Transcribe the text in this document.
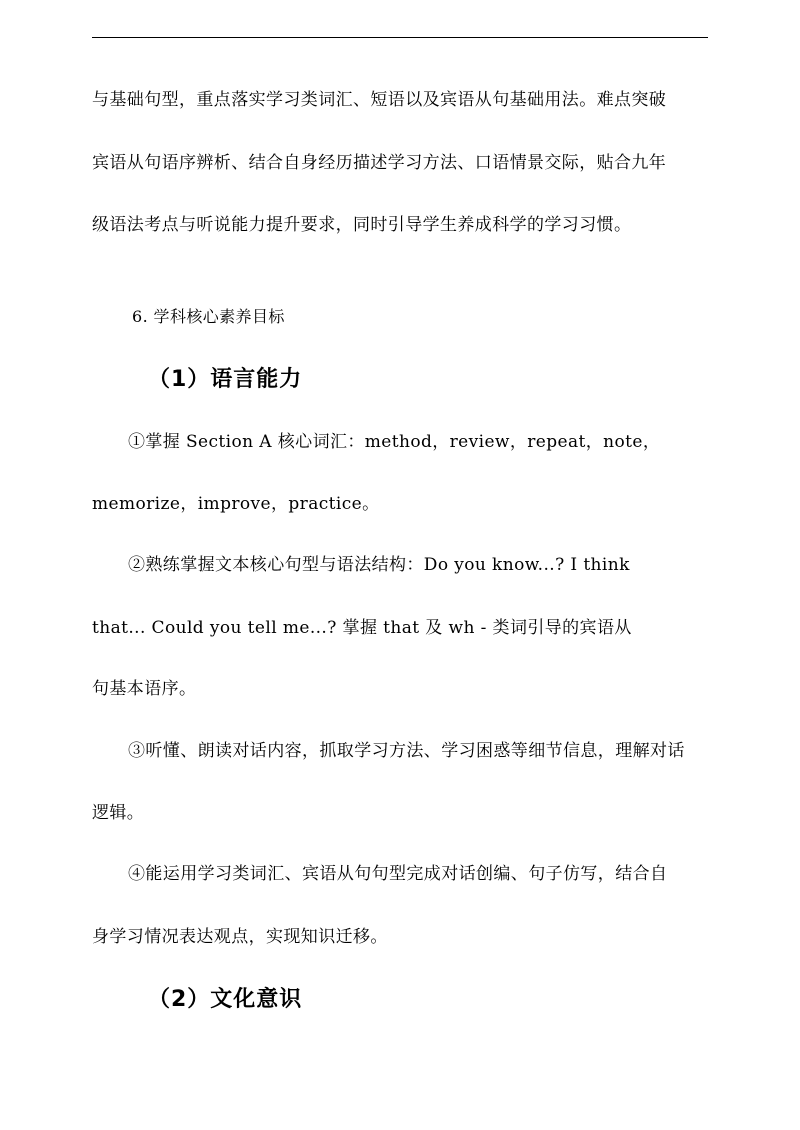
与基础句型，重点落实学习类词汇、短语以及宾语从句基础用法。难点突破
宾语从句语序辨析、结合自身经历描述学习方法、口语情景交际，贴合九年
级语法考点与听说能力提升要求，同时引导学生养成科学的学习习惯。
6. 学科核心素养目标
（1）语言能力
①掌握 Section A 核心词汇：method，review，repeat，note，
memorize，improve，practice。
②熟练掌握文本核心句型与语法结构：Do you know...? I think
that... Could you tell me...? 掌握 that 及 wh - 类词引导的宾语从
句基本语序。
③听懂、朗读对话内容，抓取学习方法、学习困惑等细节信息，理解对话
逻辑。
④能运用学习类词汇、宾语从句句型完成对话创编、句子仿写，结合自
身学习情况表达观点，实现知识迁移。
（2）文化意识
